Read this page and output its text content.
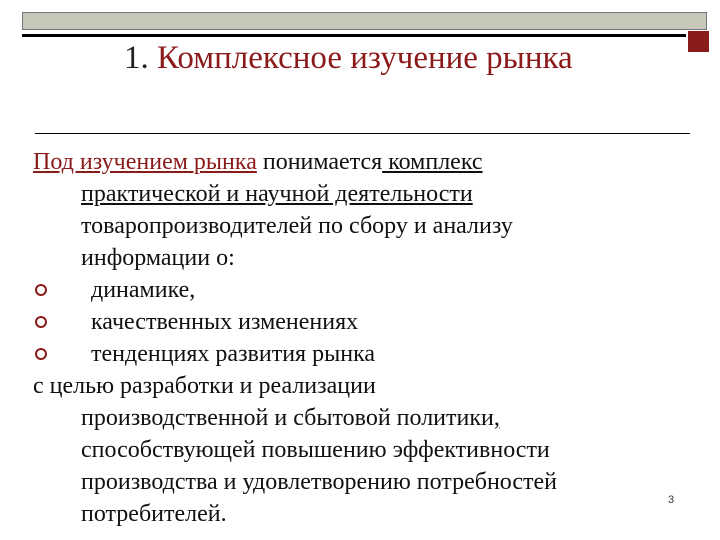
1. Комплексное изучение рынка
Под изучением рынка понимается комплекс
практической и научной деятельности
товаропроизводителей по сбору и анализу
информации о:
динамике,
качественных изменениях
тенденциях развития рынка
с целью разработки и реализации
производственной и сбытовой политики,
способствующей повышению эффективности
производства и удовлетворению потребностей
потребителей.
3
